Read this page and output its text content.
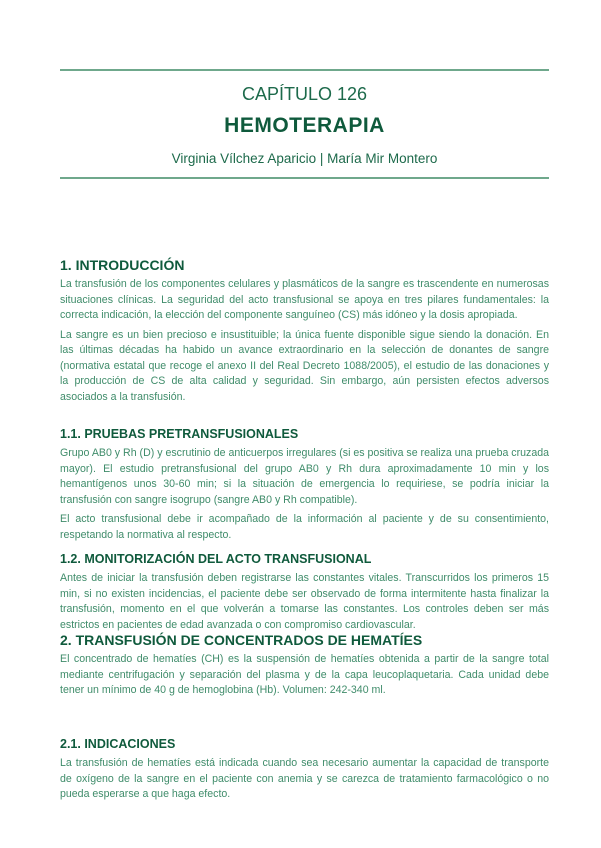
CAPÍTULO 126
HEMOTERAPIA
Virginia Vílchez Aparicio | María Mir Montero
1. INTRODUCCIÓN

La transfusión de los componentes celulares y plasmáticos de la sangre es trascendente en numerosas situaciones clínicas. La seguridad del acto transfusional se apoya en tres pilares fundamentales: la correcta indicación, la elección del componente sanguíneo (CS) más idóneo y la dosis apropiada.

La sangre es un bien precioso e insustituible; la única fuente disponible sigue siendo la donación. En las últimas décadas ha habido un avance extraordinario en la selección de donantes de sangre (normativa estatal que recoge el anexo II del Real Decreto 1088/2005), el estudio de las donaciones y la producción de CS de alta calidad y seguridad. Sin embargo, aún persisten efectos adversos asociados a la transfusión.

1.1. PRUEBAS PRETRANSFUSIONALES

Grupo AB0 y Rh (D) y escrutinio de anticuerpos irregulares (si es positiva se realiza una prueba cruzada mayor). El estudio pretransfusional del grupo AB0 y Rh dura aproximadamente 10 min y los hemantígenos unos 30-60 min; si la situación de emergencia lo requiriese, se podría iniciar la transfusión con sangre isogrupo (sangre AB0 y Rh compatible).

El acto transfusional debe ir acompañado de la información al paciente y de su consentimiento, respetando la normativa al respecto.

1.2. MONITORIZACIÓN DEL ACTO TRANSFUSIONAL

Antes de iniciar la transfusión deben registrarse las constantes vitales. Transcurridos los primeros 15 min, si no existen incidencias, el paciente debe ser observado de forma intermitente hasta finalizar la transfusión, momento en el que volverán a tomarse las constantes. Los controles deben ser más estrictos en pacientes de edad avanzada o con compromiso cardiovascular.

2. TRANSFUSIÓN DE CONCENTRADOS DE HEMATÍES

El concentrado de hematíes (CH) es la suspensión de hematíes obtenida a partir de la sangre total mediante centrifugación y separación del plasma y de la capa leucoplaquetaria. Cada unidad debe tener un mínimo de 40 g de hemoglobina (Hb). Volumen: 242-340 ml.

2.1. INDICACIONES

La transfusión de hematíes está indicada cuando sea necesario aumentar la capacidad de transporte de oxígeno de la sangre en el paciente con anemia y se carezca de tratamiento farmacológico o no pueda esperarse a que haga efecto.
